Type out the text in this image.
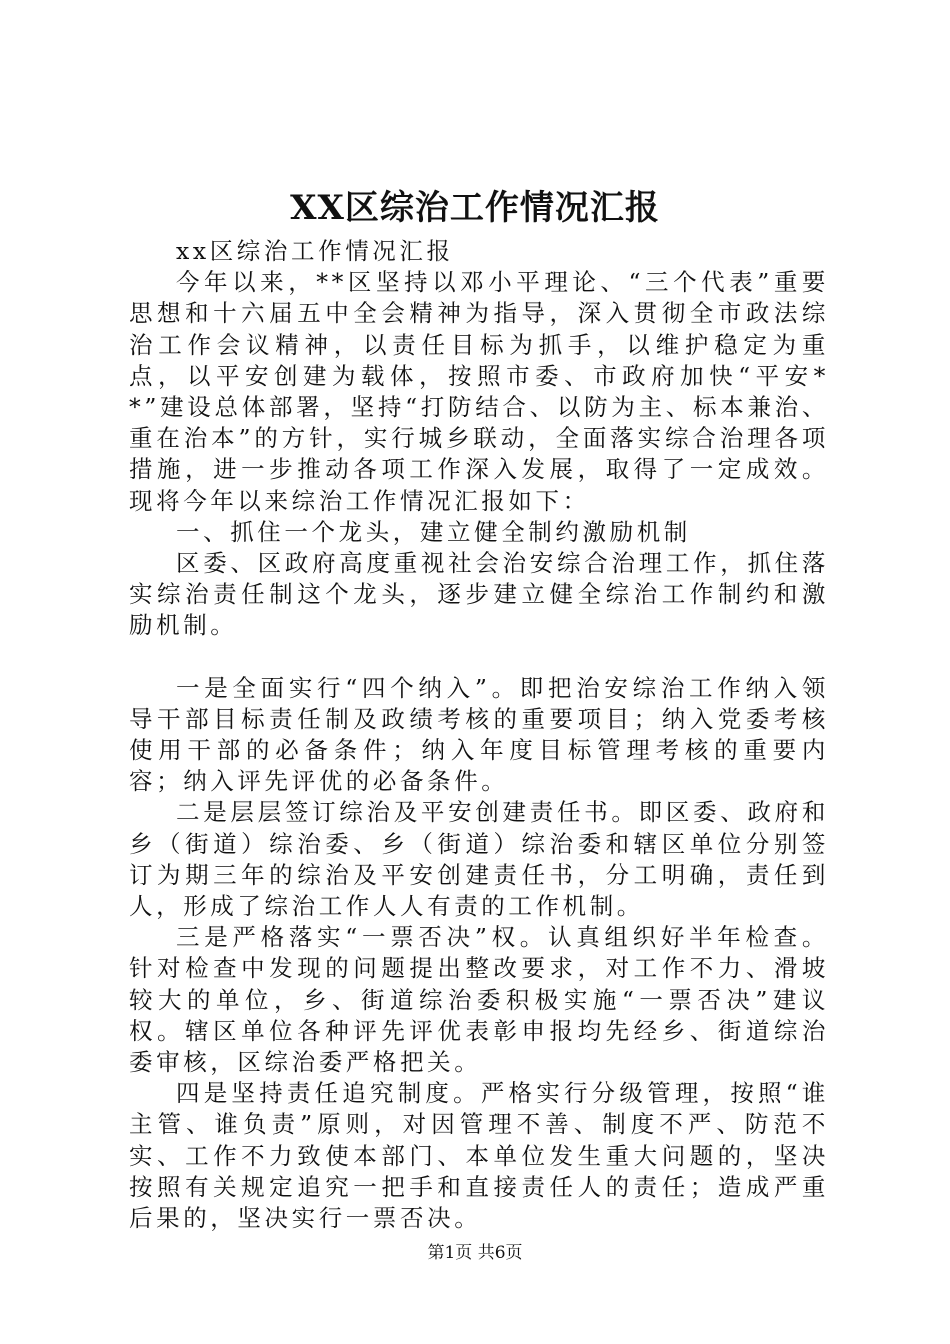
XX区综治工作情况汇报

xx区综治工作情况汇报

今年以来，**区坚持以邓小平理论、“三个代表”重要思想和十六届五中全会精神为指导，深入贯彻全市政法综治工作会议精神，以责任目标为抓手，以维护稳定为重点，以平安创建为载体，按照市委、市政府加快“平安**”建设总体部署，坚持“打防结合、以防为主、标本兼治、重在治本”的方针，实行城乡联动，全面落实综合治理各项措施，进一步推动各项工作深入发展，取得了一定成效。现将今年以来综治工作情况汇报如下：

一、抓住一个龙头，建立健全制约激励机制

区委、区政府高度重视社会治安综合治理工作，抓住落实综治责任制这个龙头，逐步建立健全综治工作制约和激励机制。

一是全面实行“四个纳入”。即把治安综治工作纳入领导干部目标责任制及政绩考核的重要项目；纳入党委考核使用干部的必备条件；纳入年度目标管理考核的重要内容；纳入评先评优的必备条件。

二是层层签订综治及平安创建责任书。即区委、政府和乡（街道）综治委、乡（街道）综治委和辖区单位分别签订为期三年的综治及平安创建责任书，分工明确，责任到人，形成了综治工作人人有责的工作机制。

三是严格落实“一票否决”权。认真组织好半年检查。针对检查中发现的问题提出整改要求，对工作不力、滑坡较大的单位，乡、街道综治委积极实施“一票否决”建议权。辖区单位各种评先评优表彰申报均先经乡、街道综治委审核，区综治委严格把关。

四是坚持责任追究制度。严格实行分级管理，按照“谁主管、谁负责”原则，对因管理不善、制度不严、防范不实、工作不力致使本部门、本单位发生重大问题的，坚决按照有关规定追究一把手和直接责任人的责任；造成严重后果的，坚决实行一票否决。

第1页 共6页
